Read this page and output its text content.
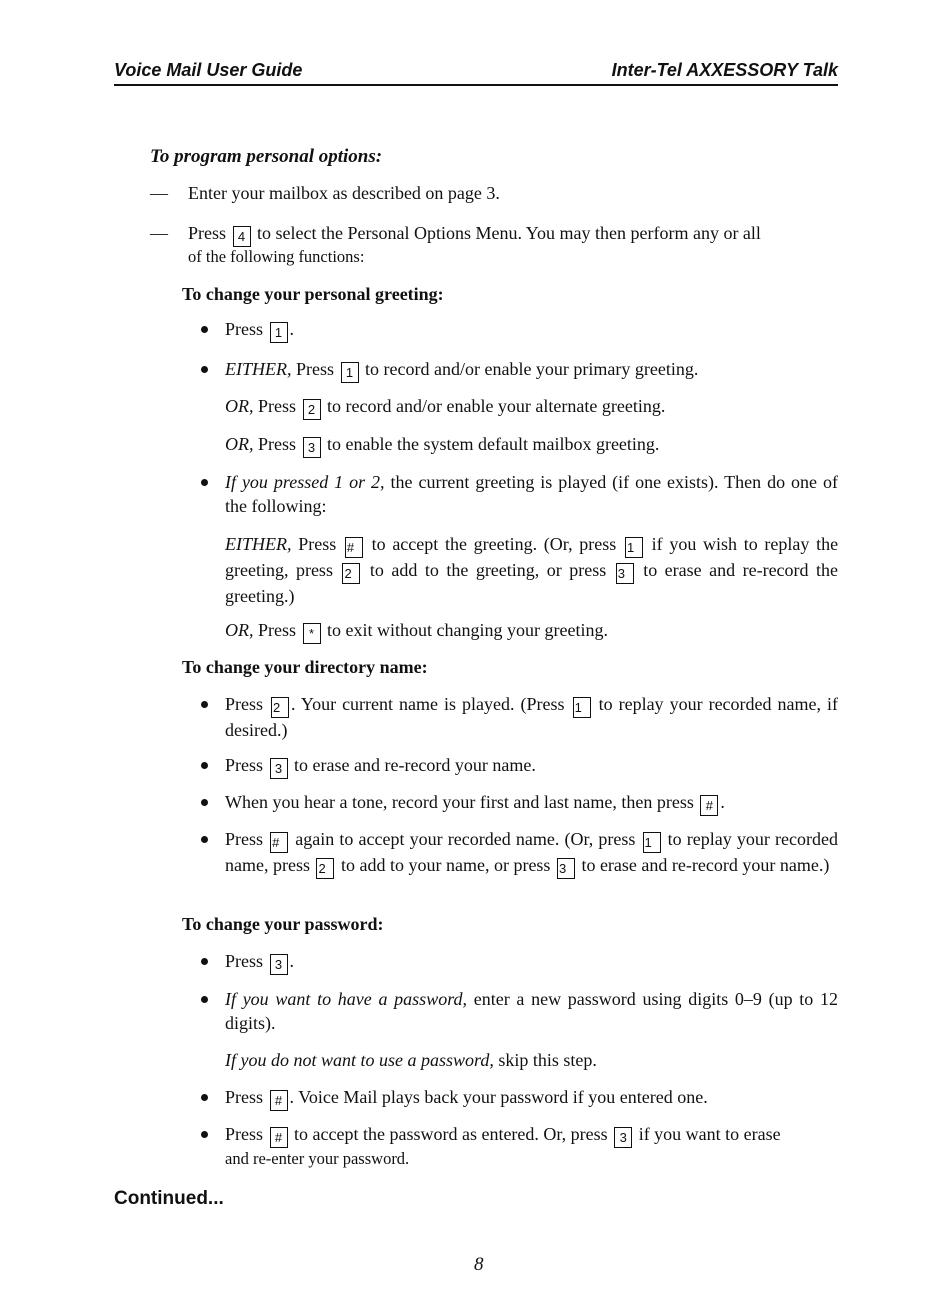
Voice Mail User Guide	Inter-Tel AXXESSORY Talk
To program personal options:
— Enter your mailbox as described on page 3.
— Press 4 to select the Personal Options Menu. You may then perform any or all
of the following functions:
To change your personal greeting:
Press 1 .
EITHER, Press 1 to record and/or enable your primary greeting.
OR, Press 2 to record and/or enable your alternate greeting.
OR, Press 3 to enable the system default mailbox greeting.
If you pressed 1 or 2, the current greeting is played (if one exists). Then do one of the following:
EITHER, Press # to accept the greeting. (Or, press 1 if you wish to replay the greeting, press 2 to add to the greeting, or press 3 to erase and re-record the greeting.)
OR, Press * to exit without changing your greeting.
To change your directory name:
Press 2 . Your current name is played. (Press 1 to replay your recorded name, if desired.)
Press 3 to erase and re-record your name.
When you hear a tone, record your first and last name, then press # .
Press # again to accept your recorded name. (Or, press 1 to replay your recorded name, press 2 to add to your name, or press 3 to erase and re-record your name.)
To change your password:
Press 3 .
If you want to have a password, enter a new password using digits 0–9 (up to 12 digits).
If you do not want to use a password, skip this step.
Press # . Voice Mail plays back your password if you entered one.
Press # to accept the password as entered. Or, press 3 if you want to erase
and re-enter your password.
Continued...
8
